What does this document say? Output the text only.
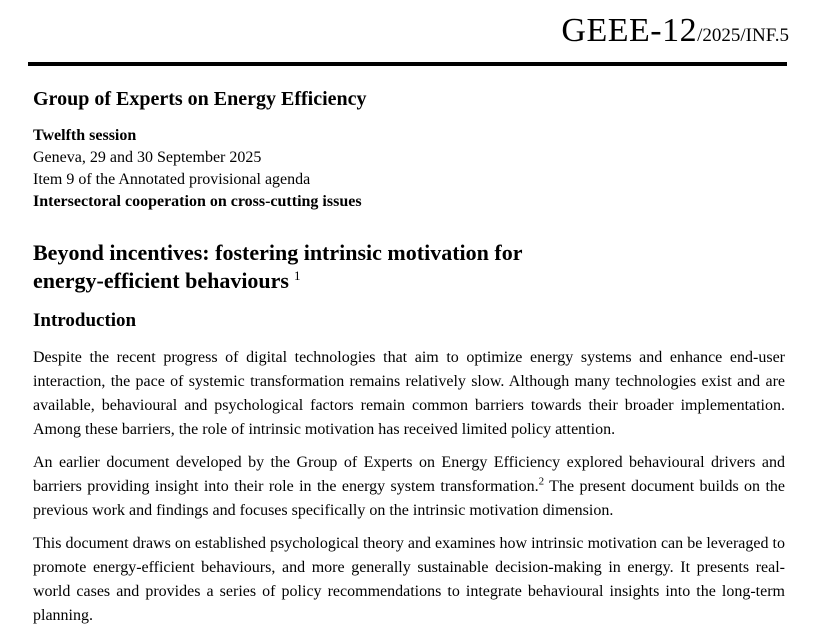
GEEE-12/2025/INF.5
Group of Experts on Energy Efficiency
Twelfth session
Geneva, 29 and 30 September 2025
Item 9 of the Annotated provisional agenda
Intersectoral cooperation on cross-cutting issues
Beyond incentives: fostering intrinsic motivation for energy-efficient behaviours $^1$
Introduction

Despite the recent progress of digital technologies that aim to optimize energy systems and enhance end-user interaction, the pace of systemic transformation remains relatively slow. Although many technologies exist and are available, behavioural and psychological factors remain common barriers towards their broader implementation. Among these barriers, the role of intrinsic motivation has received limited policy attention.

An earlier document developed by the Group of Experts on Energy Efficiency explored behavioural drivers and barriers providing insight into their role in the energy system transformation.$^2$ The present document builds on the previous work and findings and focuses specifically on the intrinsic motivation dimension.

This document draws on established psychological theory and examines how intrinsic motivation can be leveraged to promote energy-efficient behaviours, and more generally sustainable decision-making in energy. It presents real-world cases and provides a series of policy recommendations to integrate behavioural insights into the long-term planning.
